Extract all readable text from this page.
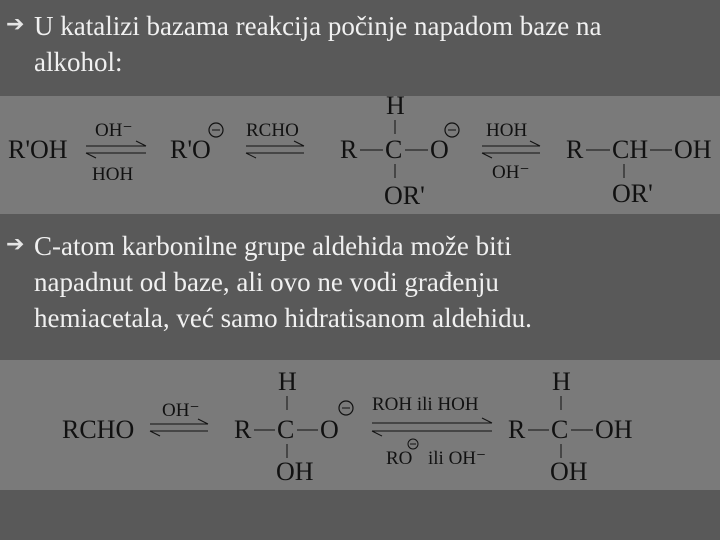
➔ U katalizi bazama reakcija počinje napadom baze na
alkohol:
R'OH
OH⁻
HOH
R'O
RCHO
H
R C O
OR'
HOH
OH⁻
R CH OH
OR'
➔ C-atom karbonilne grupe aldehida može biti
napadnut od baze, ali ovo ne vodi građenju
hemiacetala, već samo hidratisanom aldehidu.
RCHO
OH⁻
H
R C O
OH
ROH ili HOH
RO ili OH⁻
H
R C OH
OH
